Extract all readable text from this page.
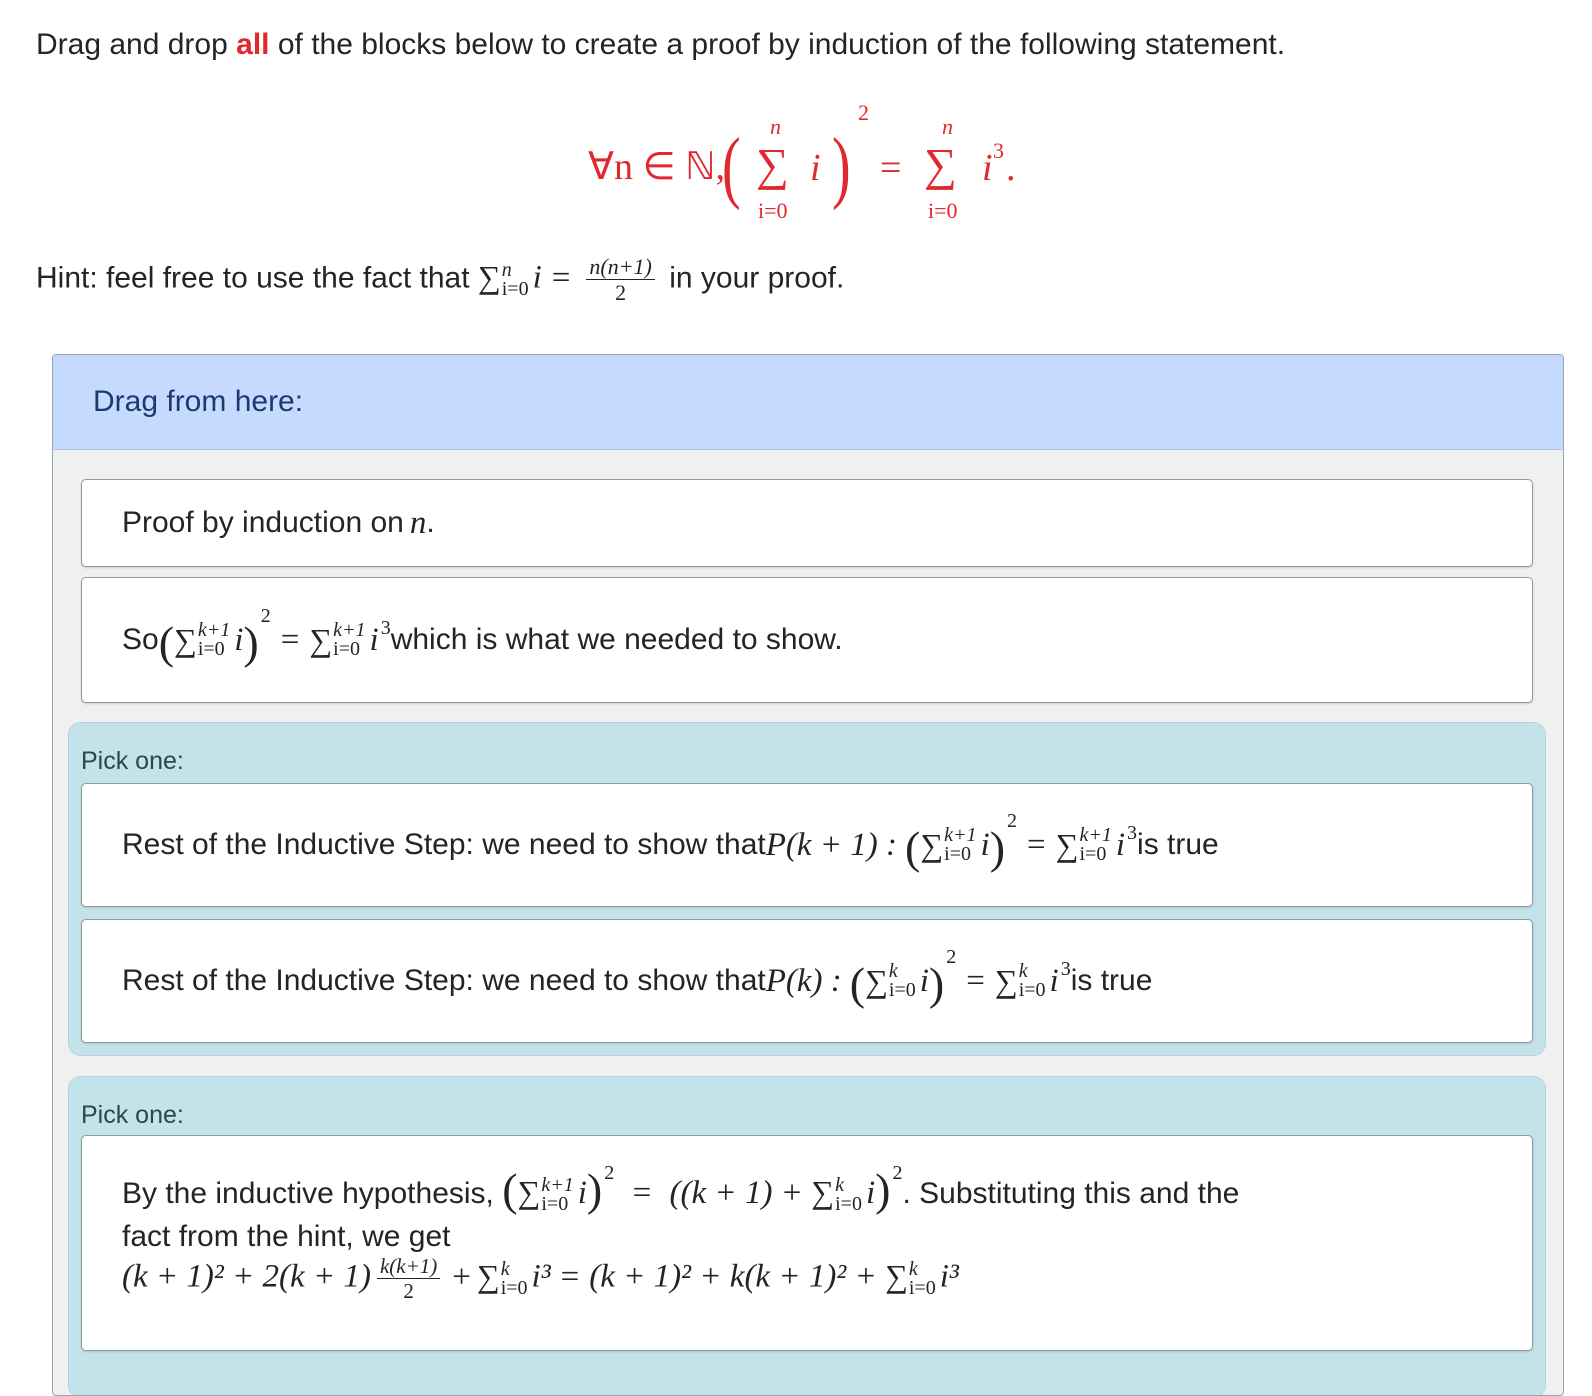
Drag and drop all of the blocks below to create a proof by induction of the following statement.
∀n ∈ ℕ,
( n
∑
i=0
i )
2
=
n
∑
i=0
i 3 .
Hint: feel free to use the fact that ∑ n
i=0 $i = \frac{n(n+1)}{2}$ in your proof.
Drag from here:
Proof by induction on n .
So ( ∑ k+1
i=0 i )
2
= ∑ k+1
i=0 i 3 which is what we needed to show.
Pick one:
Rest of the Inductive Step: we need to show that P(k + 1) : ( ∑ k+1
i=0 i )
2
= ∑ k+1
i=0 i 3 is true
Rest of the Inductive Step: we need to show that P(k) : ( ∑ k
i=0 i )
2
= ∑ k
i=0 i 3 is true
Pick one:
By the inductive hypothesis, (∑ k+1
i=0 i) $^2$ = ((k + 1) + ∑ k
i=0 i) $^2$. Substituting this and the
fact from the hint, we get
$(k + 1)^2 + 2(k + 1) \frac{k(k+1)}{2}$ + ∑ k
i=0 i³ = (k + 1)² + k(k + 1)² + ∑ k
i=0 i³
